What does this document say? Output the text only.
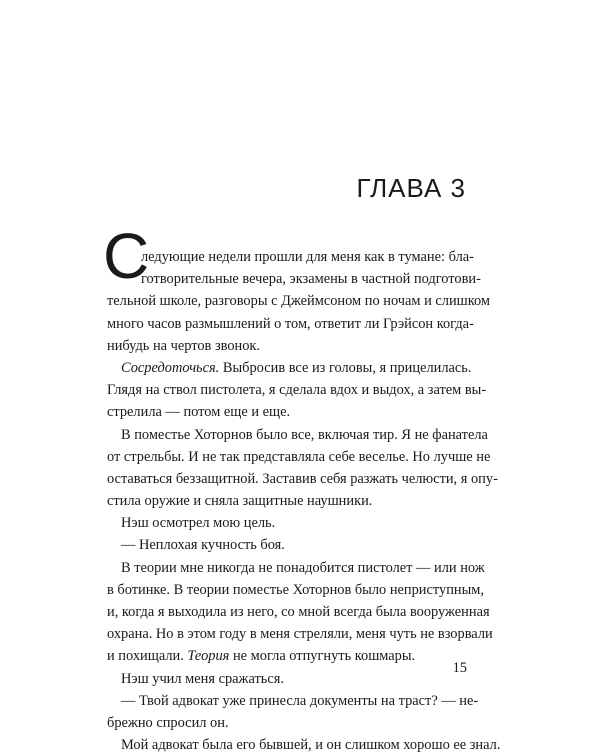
ГЛАВА 3
С
ледующие недели прошли для меня как в тумане: бла-
готворительные вечера, экзамены в частной подготови-
тельной школе, разговоры с Джеймсоном по ночам и слишком
много часов размышлений о том, ответит ли Грэйсон когда-
нибудь на чертов звонок.
Сосредоточься. Выбросив все из головы, я прицелилась.
Глядя на ствол пистолета, я сделала вдох и выдох, а затем вы-
стрелила — потом еще и еще.
В поместье Хоторнов было все, включая тир. Я не фанатела
от стрельбы. И не так представляла себе веселье. Но лучше не
оставаться беззащитной. Заставив себя разжать челюсти, я опу-
стила оружие и сняла защитные наушники.
Нэш осмотрел мою цель.
— Неплохая кучность боя.
В теории мне никогда не понадобится пистолет — или нож
в ботинке. В теории поместье Хоторнов было неприступным,
и, когда я выходила из него, со мной всегда была вооруженная
охрана. Но в этом году в меня стреляли, меня чуть не взорвали
и похищали. Теория не могла отпугнуть кошмары.
Нэш учил меня сражаться.
— Твой адвокат уже принесла документы на траст? — не-
брежно спросил он.
Мой адвокат была его бывшей, и он слишком хорошо ее знал.
15
